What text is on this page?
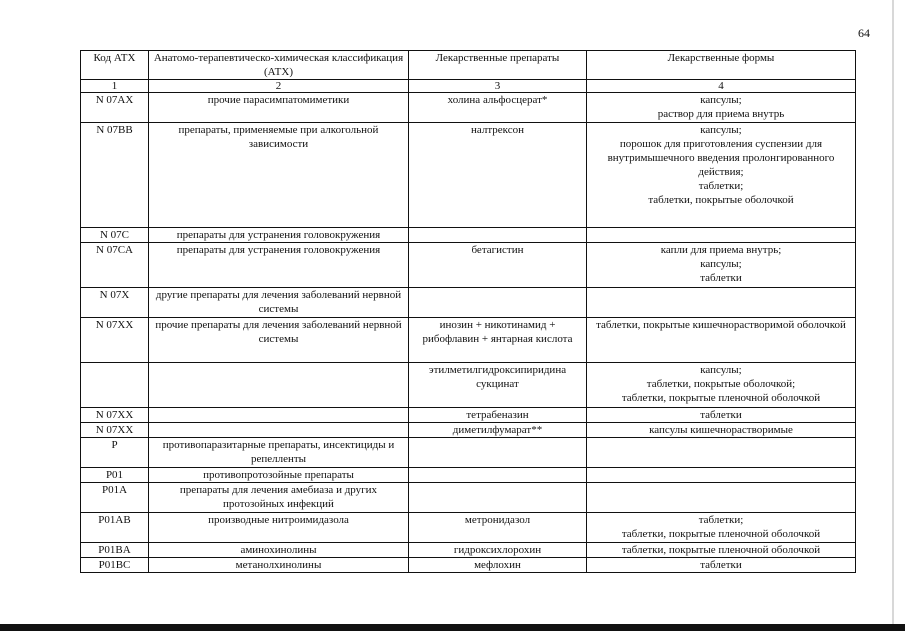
64
Код АТХ	Анатомо-терапевтическо-химическая классификация (АТХ)	Лекарственные препараты	Лекарственные формы
1	2	3	4
N 07AX	прочие парасимпатомиметики	холина альфосцерат*	капсулы;
раствор для приема внутрь
N 07BB	препараты, применяемые при алкогольной зависимости	налтрексон	капсулы;
порошок для приготовления суспензии для внутримышечного введения пролонгированного действия;
таблетки;
таблетки, покрытые оболочкой
N 07C	препараты для устранения головокружения		
N 07CA	препараты для устранения головокружения	бетагистин	капли для приема внутрь;
капсулы;
таблетки
N 07X	другие препараты для лечения заболеваний нервной системы		
N 07XX	прочие препараты для лечения заболеваний нервной системы	инозин + никотинамид + рибофлавин + янтарная кислота	таблетки, покрытые кишечнорастворимой оболочкой
		этилметилгидроксипиридина сукцинат	капсулы;
таблетки, покрытые оболочкой;
таблетки, покрытые пленочной оболочкой
N 07XX		тетрабеназин	таблетки
N 07XX		диметилфумарат**	капсулы кишечнорастворимые
P	противопаразитарные препараты, инсектициды и репелленты		
P01	противопротозойные препараты		
P01A	препараты для лечения амебиаза и других протозойных инфекций		
P01AB	производные нитроимидазола	метронидазол	таблетки;
таблетки, покрытые пленочной оболочкой
P01BA	аминохинолины	гидроксихлорохин	таблетки, покрытые пленочной оболочкой
P01BC	метанолхинолины	мефлохин	таблетки
